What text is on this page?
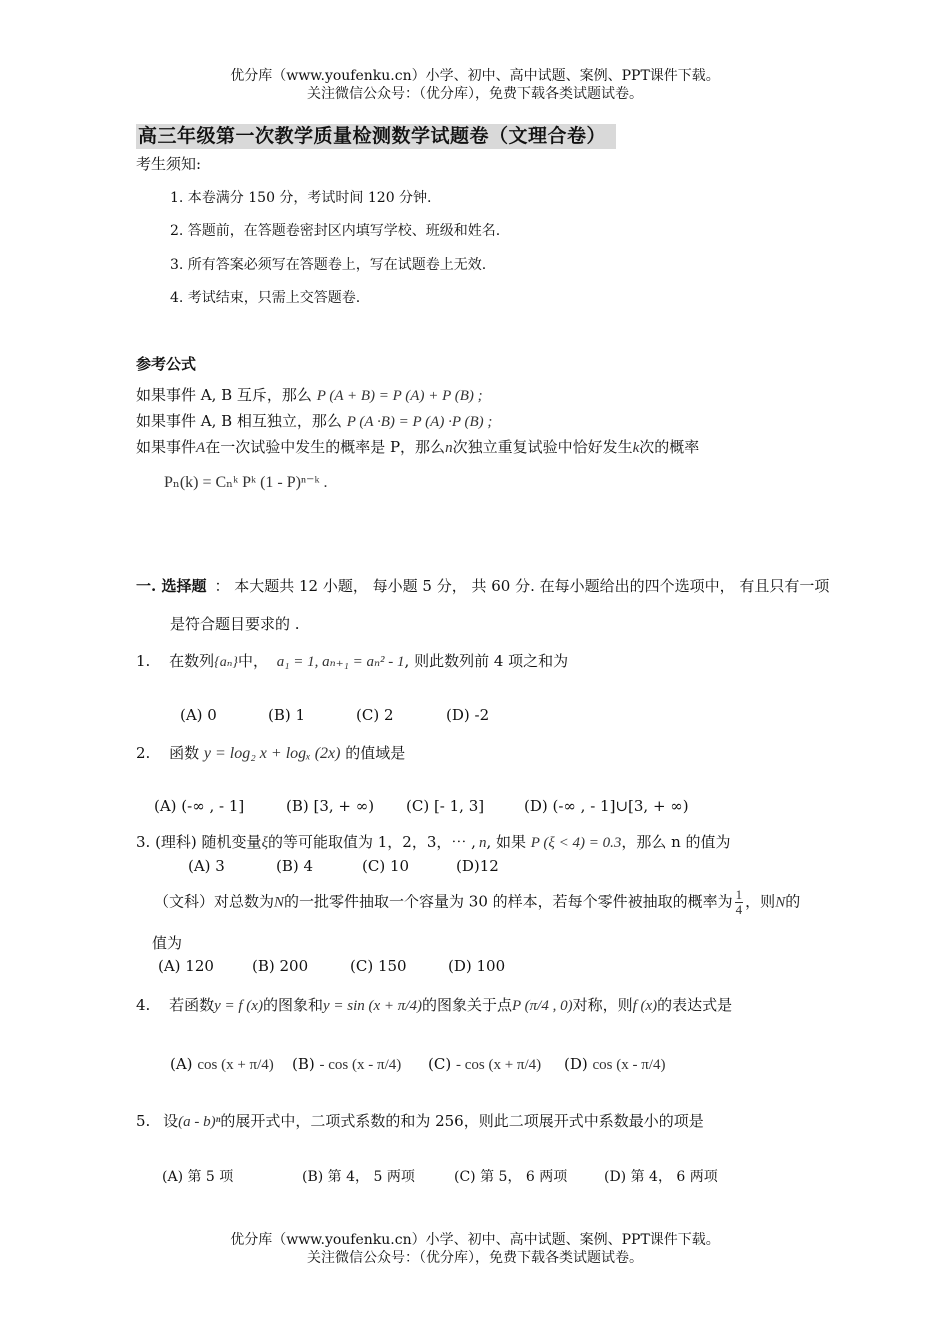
优分库（www.youfenku.cn）小学、初中、高中试题、案例、PPT课件下载。
关注微信公众号：（优分库），免费下载各类试题试卷。
高三年级第一次教学质量检测数学试题卷（文理合卷）
考生须知:
1. 本卷满分 150 分，考试时间 120 分钟.
2. 答题前，在答题卷密封区内填写学校、班级和姓名.
3. 所有答案必须写在答题卷上，写在试题卷上无效.
4. 考试结束，只需上交答题卷.
参考公式
如果事件 A, B 互斥，那么 P (A + B) = P (A) + P (B) ;
如果事件 A, B 相互独立，那么 P (A ·B) = P (A) ·P (B) ;
如果事件A在一次试验中发生的概率是 P，那么n次独立重复试验中恰好发生k次的概率
Pₙ(k) = Cₙᵏ Pᵏ (1 - P)ⁿ⁻ᵏ .
一. 选择题 ： 本大题共 12 小题， 每小题 5 分， 共 60 分. 在每小题给出的四个选项中， 有且只有一项
是符合题目要求的 .
1. 在数列{aₙ}中， a₁ = 1, aₙ₊₁ = aₙ² - 1, 则此数列前 4 项之和为
(A) 0	(B) 1	(C) 2	(D) -2
2. 函数 y = log₂ x + logₓ (2x) 的值域是
(A) (-∞ , - 1]	(B) [3, + ∞) (C) [- 1, 3]	(D) (-∞ , - 1]∪[3, + ∞)
3. (理科) 随机变量ξ的等可能取值为 1，2，3，⋯ , n, 如果 P (ξ < 4) = 0.3，那么 n 的值为
(A) 3	(B) 4	(C) 10	(D)12
（文科）对总数为N的一批零件抽取一个容量为 30 的样本，若每个零件被抽取的概率为 $\frac{1}{4}$ ，则N的
值为
(A) 120	(B) 200	(C) 150	(D) 100
4. 若函数y = f (x)的图象和y = sin (x + π/4)的图象关于点P (π/4 , 0)对称，则f (x)的表达式是
(A) cos (x + π/4) (B) - cos (x - π/4) (C) - cos (x + π/4) (D) cos (x - π/4)
5. 设(a - b)ⁿ的展开式中，二项式系数的和为 256，则此二项展开式中系数最小的项是
(A) 第 5 项	(B) 第 4， 5 两项	(C) 第 5， 6 两项	(D) 第 4， 6 两项
优分库（www.youfenku.cn）小学、初中、高中试题、案例、PPT课件下载。
关注微信公众号：（优分库），免费下载各类试题试卷。
